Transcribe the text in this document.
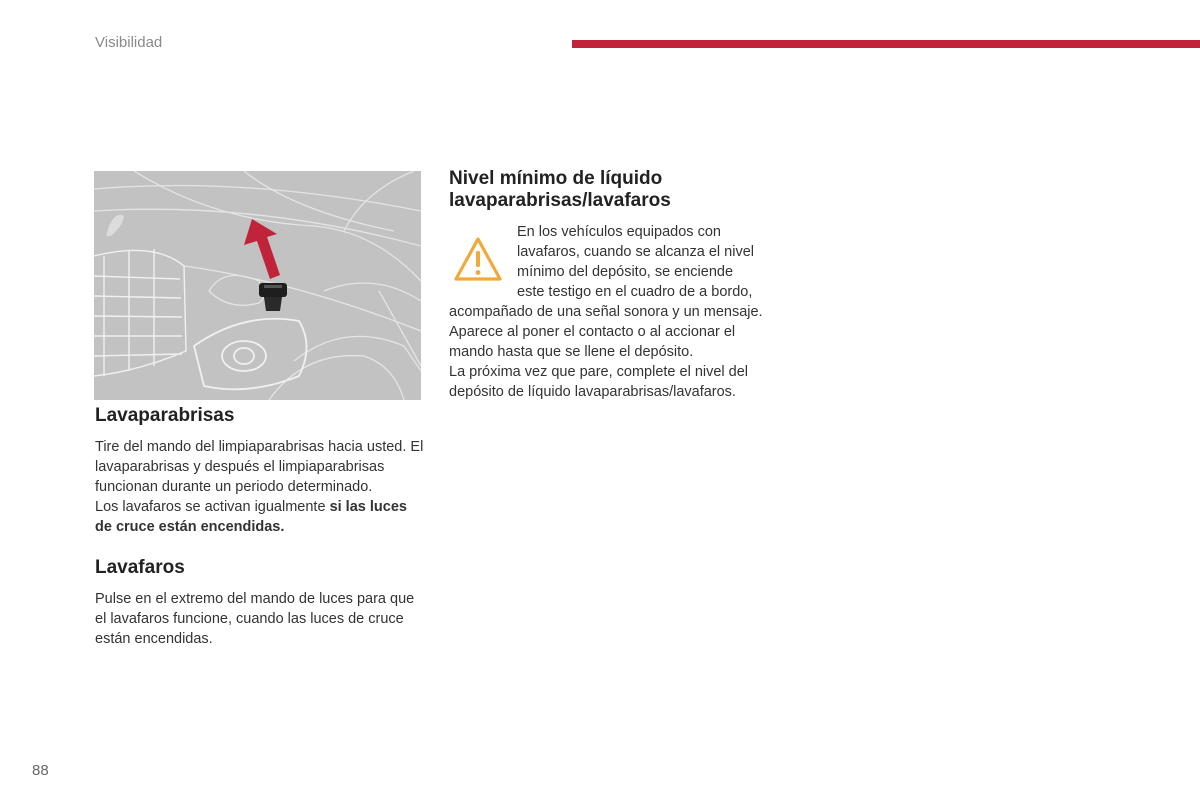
Visibilidad
Lavaparabrisas

Tire del mando del limpiaparabrisas hacia usted. El lavaparabrisas y después el limpiaparabrisas funcionan durante un periodo determinado.

Los lavafaros se activan igualmente si las luces de cruce están encendidas.

Lavafaros

Pulse en el extremo del mando de luces para que el lavafaros funcione, cuando las luces de cruce están encendidas.

Nivel mínimo de líquido
lavaparabrisas/lavafaros

En los vehículos equipados con

lavafaros, cuando se alcanza el nivel

mínimo del depósito, se enciende

este testigo en el cuadro de a bordo,

acompañado de una señal sonora y un mensaje.

Aparece al poner el contacto o al accionar el

mando hasta que se llene el depósito.

La próxima vez que pare, complete el nivel del

depósito de líquido lavaparabrisas/lavafaros.

88
